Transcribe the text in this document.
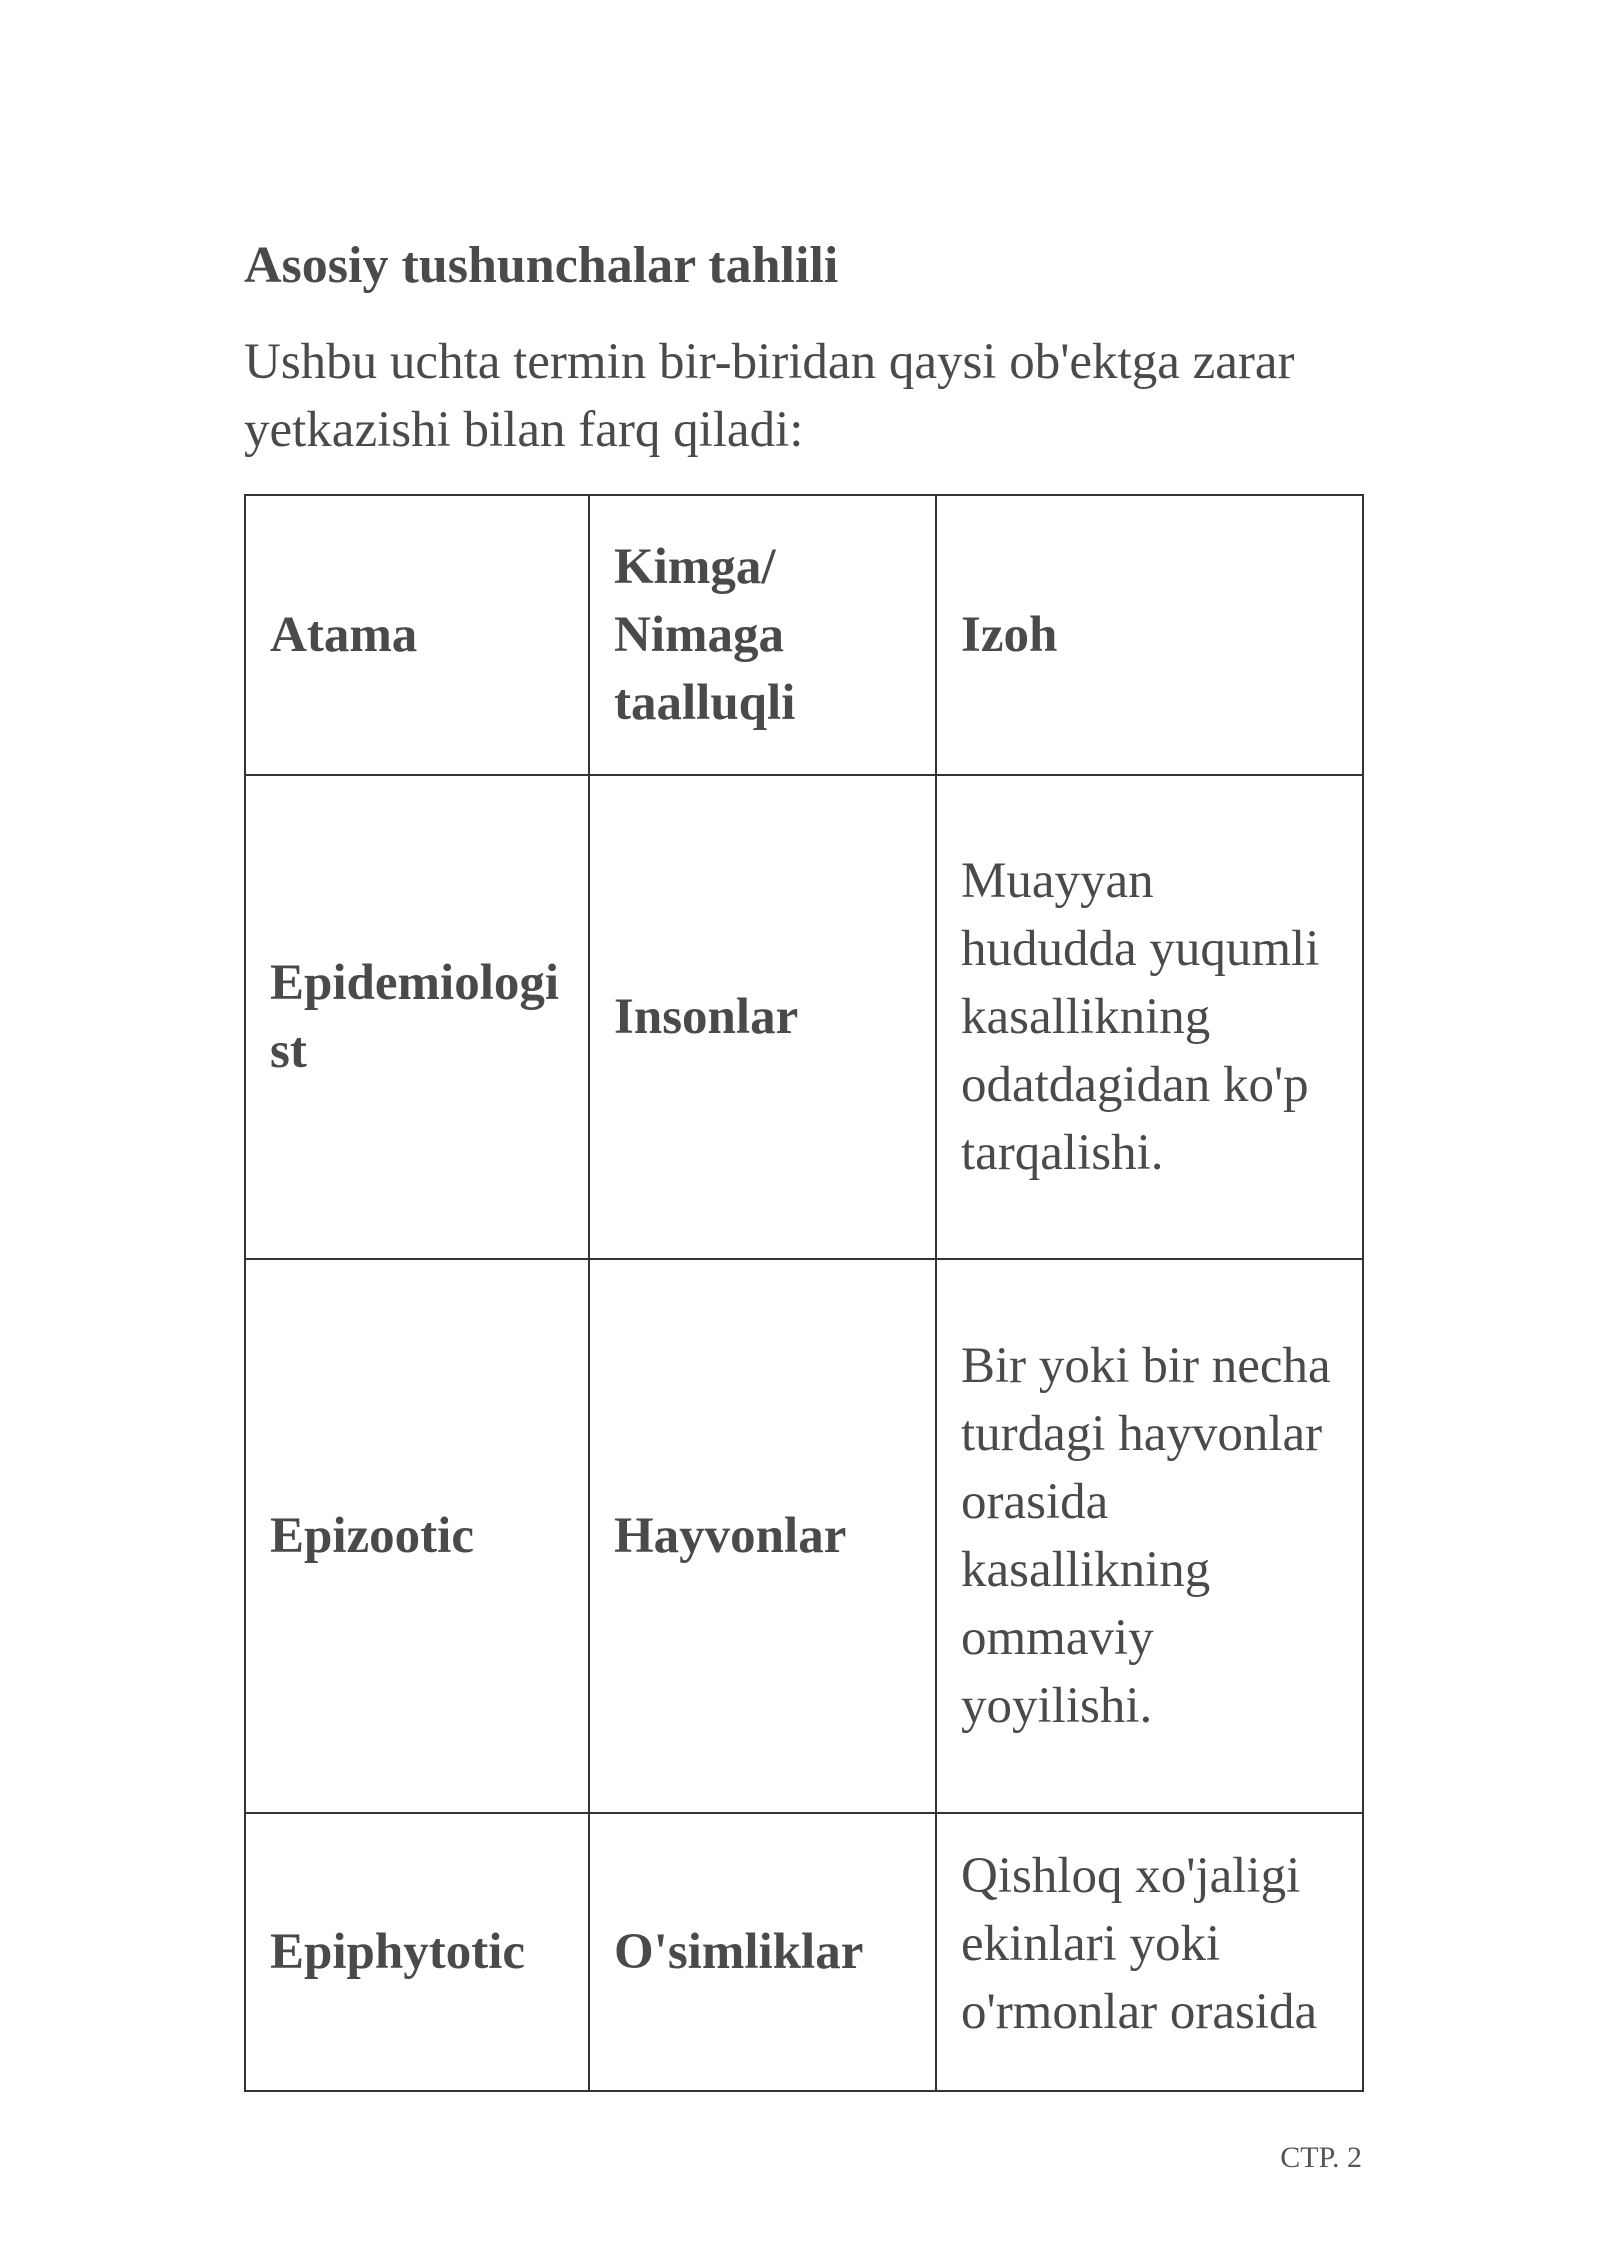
Asosiy tushunchalar tahlili

Ushbu uchta termin bir-biridan qaysi ob'ektga zarar yetkazishi bilan farq qiladi:

Atama	Kimga/ Nimaga taalluqli	Izoh
Epidemiologist	Insonlar	Muayyan hududda yuqumli kasallikning odatdagidan ko'p tarqalishi.
Epizootic	Hayvonlar	Bir yoki bir necha turdagi hayvonlar orasida kasallikning ommaviy yoyilishi.
Epiphytotic	O'simliklar	Qishloq xo'jaligi ekinlari yoki o'rmonlar orasida
CTP. 2
